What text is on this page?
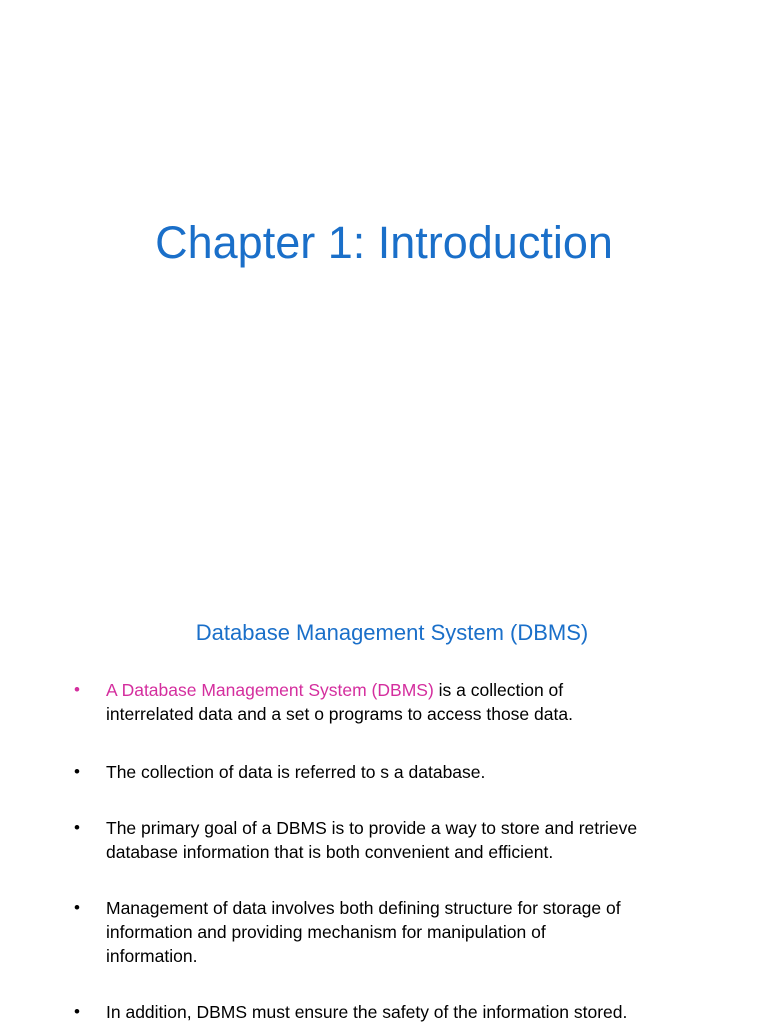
Chapter 1: Introduction
Database Management System (DBMS)
•	A Database Management System (DBMS) is a collection of
interrelated data and a set o programs to access those data.
•	The collection of data is referred to s a database.
•	The primary goal of a DBMS is to provide a way to store and retrieve
database information that is both convenient and efficient.
•	Management of data involves both defining structure for storage of
information and providing mechanism for manipulation of
information.
•	In addition, DBMS must ensure the safety of the information stored.
